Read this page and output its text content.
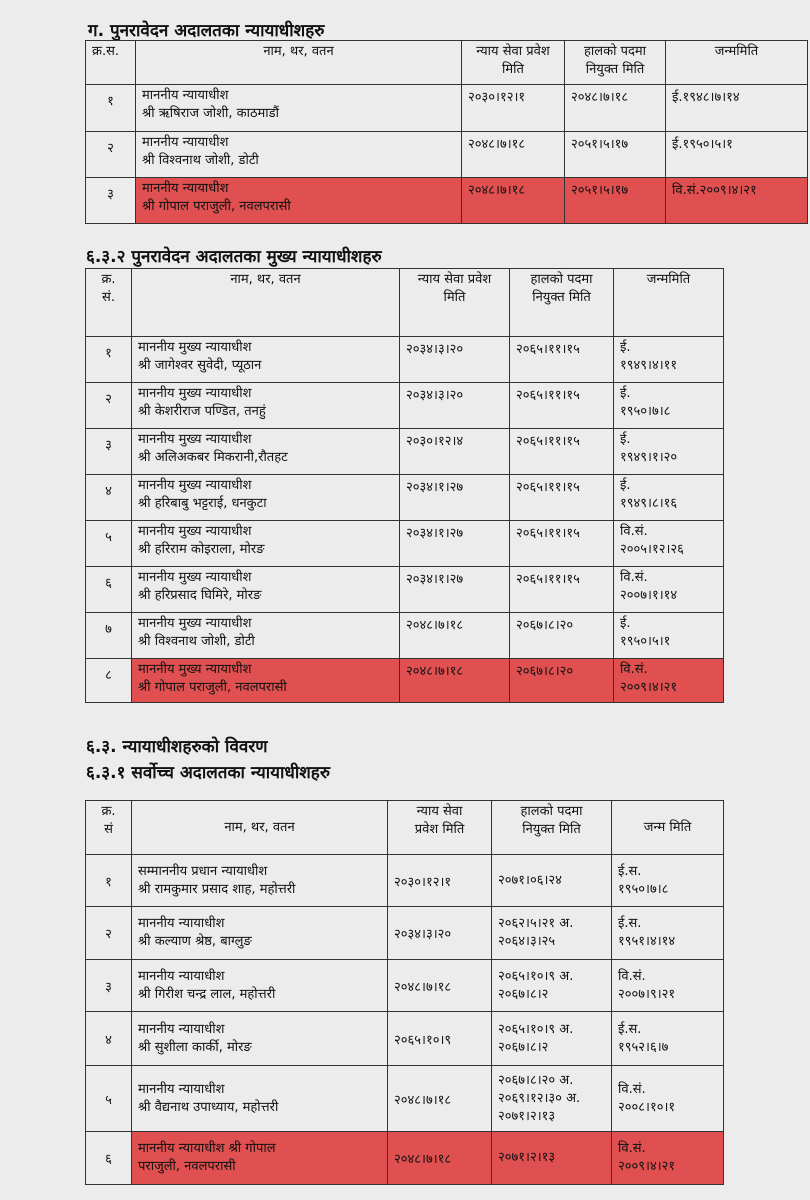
ग. पुनरावेदन अदालतका न्यायाधीशहरु
क्र.स.	नाम, थर, वतन	न्याय सेवा प्रवेश मिति	हालको पदमा नियुक्त मिति	जन्ममिति
१	माननीय न्यायाधीश
श्री ऋषिराज जोशी, काठमाडौं	२०३०।१२।१	२०४८।७।१८	ई.१९४८।७।१४
२	माननीय न्यायाधीश
श्री विश्वनाथ जोशी, डोटी	२०४८।७।१८	२०५१।५।१७	ई.१९५०।५।१
३	माननीय न्यायाधीश
श्री गोपाल पराजुली, नवलपरासी	२०४८।७।१८	२०५१।५।१७	वि.सं.२००९।४।२१
६.३.२ पुनरावेदन अदालतका मुख्य न्यायाधीशहरु
क्र. सं.	नाम, थर, वतन	न्याय सेवा प्रवेश मिति	हालको पदमा नियुक्त मिति	जन्ममिति
१	माननीय मुख्य न्यायाधीश
श्री जागेश्वर सुवेदी, प्यूठान	२०३४।३।२०	२०६५।११।१५	ई.
१९४९।४।११

२	माननीय मुख्य न्यायाधीश
श्री केशरीराज पण्डित, तनहुं	२०३४।३।२०	२०६५।११।१५	ई.
१९५०।७।८

३	माननीय मुख्य न्यायाधीश
श्री अलिअकबर मिकरानी,रौतहट	२०३०।१२।४	२०६५।११।१५	ई.
१९४९।१।२०

४	माननीय मुख्य न्यायाधीश
श्री हरिबाबु भट्टराई, धनकुटा	२०३४।१।२७	२०६५।११।१५	ई.
१९४९।८।१६

५	माननीय मुख्य न्यायाधीश
श्री हरिराम कोइराला, मोरङ	२०३४।१।२७	२०६५।११।१५	वि.सं.
२००५।१२।२६

६	माननीय मुख्य न्यायाधीश
श्री हरिप्रसाद घिमिरे, मोरङ	२०३४।१।२७	२०६५।११।१५	वि.सं.
२००७।१।१४

७	माननीय मुख्य न्यायाधीश
श्री विश्वनाथ जोशी, डोटी	२०४८।७।१८	२०६७।८।२०	ई.
१९५०।५।१

८	माननीय मुख्य न्यायाधीश
श्री गोपाल पराजुली, नवलपरासी	२०४८।७।१८	२०६७।८।२०	वि.सं.
२००९।४।२१
६.३. न्यायाधीशहरुको विवरण
६.३.१ सर्वोच्च अदालतका न्यायाधीशहरु
क्र. सं	नाम, थर, वतन	न्याय सेवा प्रवेश मिति	हालको पदमा नियुक्त मिति	जन्म मिति
१	सम्माननीय प्रधान न्यायाधीश
श्री रामकुमार प्रसाद शाह, महोत्तरी	२०३०।१२।१	२०७१।०६।२४	ई.स.
१९५०।७।८

२	माननीय न्यायाधीश
श्री कल्याण श्रेष्ठ, बाग्लुङ	२०३४।३।२०	२०६२।५।२१ अ.
२०६४।३।२५	ई.स.
१९५१।४।१४

३	माननीय न्यायाधीश
श्री गिरीश चन्द्र लाल, महोत्तरी	२०४८।७।१८	२०६५।१०।९ अ.
२०६७।८।२	वि.सं.
२००७।९।२१

४	माननीय न्यायाधीश
श्री सुशीला कार्की, मोरङ	२०६५।१०।९	२०६५।१०।९ अ.
२०६७।८।२	ई.स.
१९५२।६।७

५	माननीय न्यायाधीश
श्री वैद्यनाथ उपाध्याय, महोत्तरी	२०४८।७।१८	२०६७।८।२० अ.
२०६९।१२।३० अ.
२०७१।२।१३	वि.सं.
२००८।१०।१

६	माननीय न्यायाधीश श्री गोपाल
पराजुली, नवलपरासी	२०४८।७।१८	२०७१।२।१३	वि.सं.
२००९।४।२१
